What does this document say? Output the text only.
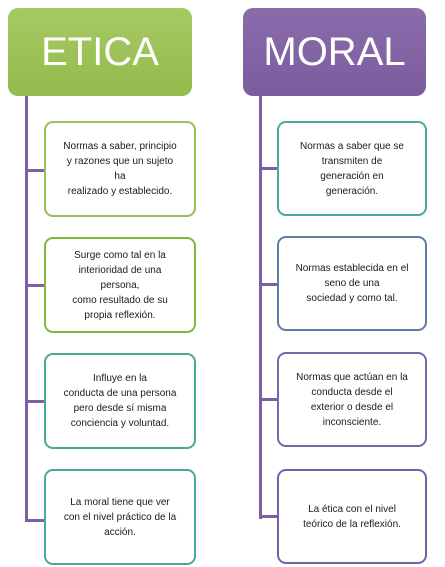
ETICA	MORAL
Normas a saber, principio
y razones que un sujeto
ha
realizado y establecido.
Surge como tal en la
interioridad de una
persona,
como resultado de su
propia reflexión.
Influye en la
conducta de una persona
pero desde sí misma
conciencia y voluntad.
La moral tiene que ver
con el nivel práctico de la
acción.
Normas a saber que se
transmiten de
generación en
generación.
Normas establecida en el
seno de una
sociedad y como tal.
Normas que actúan en la
conducta desde el
exterior o desde el
inconsciente.
La ética con el nivel
teórico de la reflexión.
